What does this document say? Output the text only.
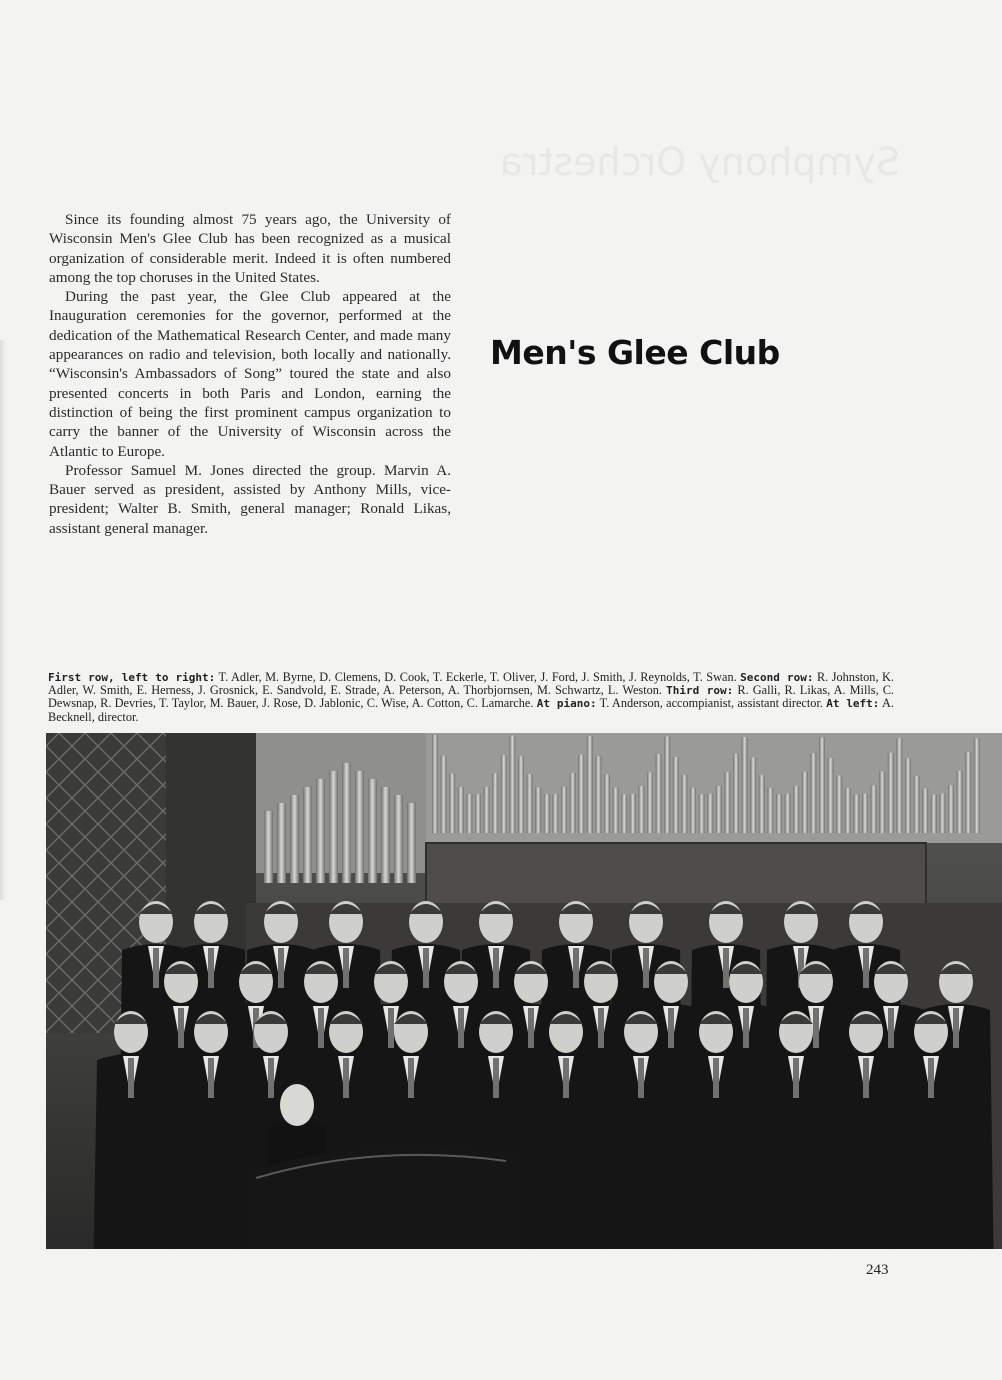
Symphony Orchestra

Since its founding almost 75 years ago, the University of Wisconsin Men's Glee Club has been recognized as a musical organization of considerable merit. Indeed it is often numbered among the top choruses in the United States.

During the past year, the Glee Club appeared at the Inauguration ceremonies for the governor, performed at the dedication of the Mathematical Research Center, and made many appearances on radio and television, both locally and nationally. “Wisconsin's Ambassadors of Song” toured the state and also presented concerts in both Paris and London, earning the distinction of being the first prominent campus organization to carry the banner of the University of Wisconsin across the Atlantic to Europe.

Professor Samuel M. Jones directed the group. Marvin A. Bauer served as president, assisted by Anthony Mills, vice-president; Walter B. Smith, general manager; Ronald Likas, assistant general manager.

Men's Glee Club
First row, left to right: T. Adler, M. Byrne, D. Clemens, D. Cook, T. Eckerle, T. Oliver, J. Ford, J. Smith, J. Reynolds, T. Swan. Second row: R. Johnston, K. Adler, W. Smith, E. Herness, J. Grosnick, E. Sandvold, E. Strade, A. Peterson, A. Thorbjornsen, M. Schwartz, L. Weston. Third row: R. Galli, R. Likas, A. Mills, C. Dewsnap, R. Devries, T. Taylor, M. Bauer, J. Rose, D. Jablonic, C. Wise, A. Cotton, C. Lamarche. At piano: T. Anderson, accompianist, assistant director. At left: A. Becknell, director.
243
